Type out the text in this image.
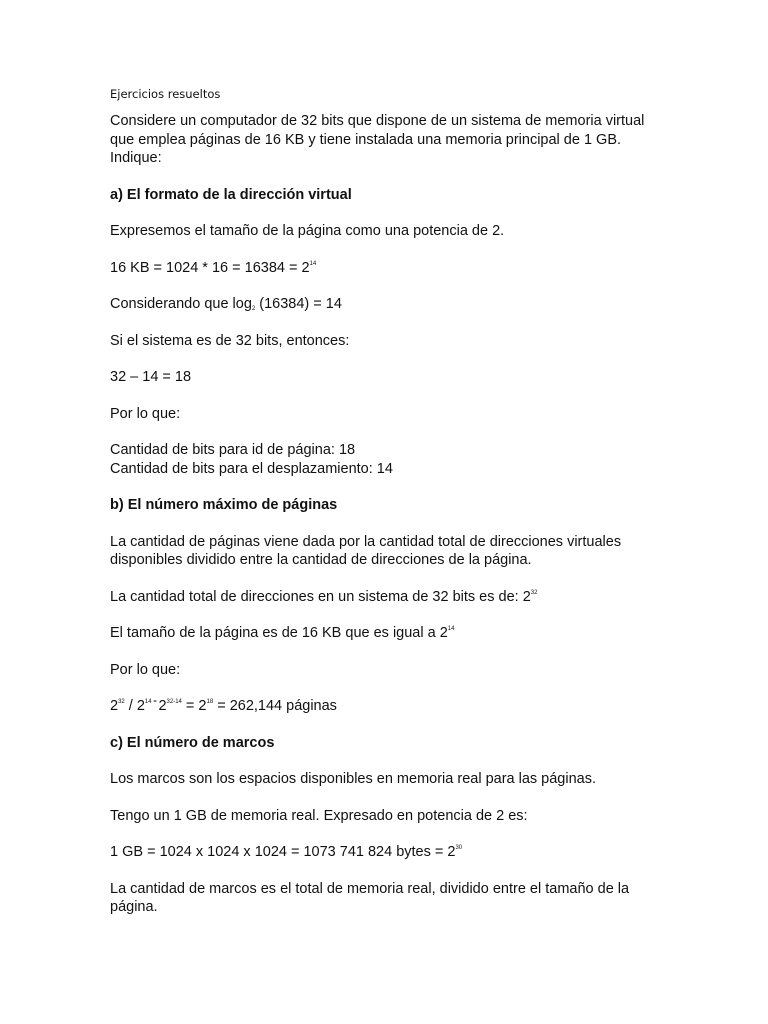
Ejercicios resueltos

Considere un computador de 32 bits que dispone de un sistema de memoria virtual
que emplea páginas de 16 KB y tiene instalada una memoria principal de 1 GB.
Indique:

a) El formato de la dirección virtual

Expresemos el tamaño de la página como una potencia de 2.

16 KB = $1024 * 16 = 16384 = 2^{14}$

Considerando que $\log_2 (16384) = 14$

Si el sistema es de 32 bits, entonces:

32 – 14 = 18

Por lo que:

Cantidad de bits para id de página: 18
Cantidad de bits para el desplazamiento: 14

b) El número máximo de páginas

La cantidad de páginas viene dada por la cantidad total de direcciones virtuales
disponibles dividido entre la cantidad de direcciones de la página.

La cantidad total de direcciones en un sistema de 32 bits es de: $2^{32}$

El tamaño de la página es de 16 KB que es igual a $2^{14}$

Por lo que:

$2^{32} / 2^{14}$ = $2^{32-14} = 2^{18} = 262,144$ páginas

c) El número de marcos

Los marcos son los espacios disponibles en memoria real para las páginas.

Tengo un 1 GB de memoria real. Expresado en potencia de 2 es:

1 GB = 1024 x 1024 x 1024 = 1073 741 824 bytes = $2^{30}$

La cantidad de marcos es el total de memoria real, dividido entre el tamaño de la
página.
